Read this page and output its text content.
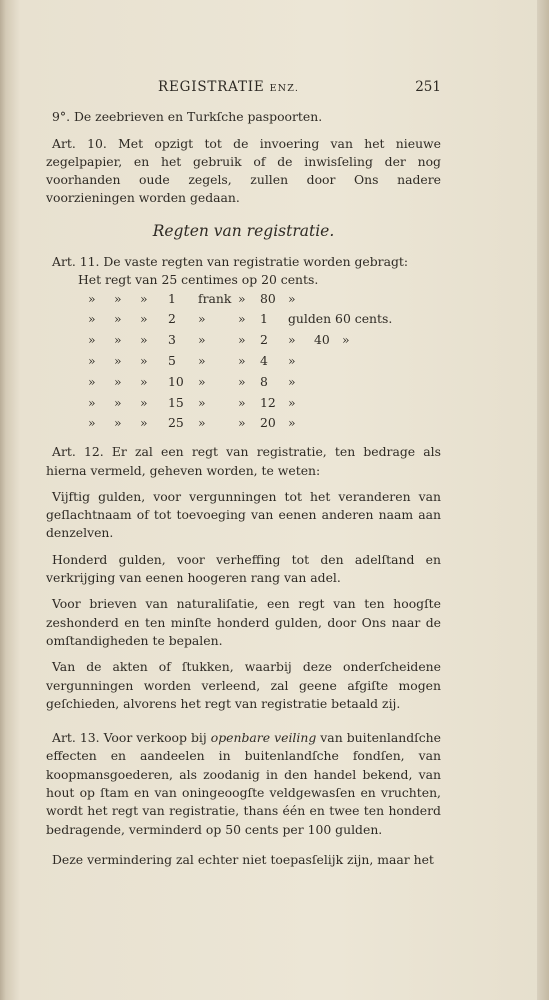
REGISTRATIE ENZ.	251

9°. De zeebrieven en Turkſche paspoorten.

Art. 10. Met opzigt tot de invoering van het nieuwe zegelpapier, en het gebruik of de inwisſeling der nog voorhanden oude zegels, zullen door Ons nadere voorzieningen worden gedaan.

Regten van registratie.

Art. 11. De vaste regten van registratie worden gebragt:

Het regt van 25 centimes op 20 cents.
» » » 1 frank » 80 »
» » » 2 »	» 1 gulden 60 cents.
» » » 3 »	» 2 » 40 »
» » » 5 »	» 4 »
» » » 10 »	» 8 »
» » » 15 »	» 12 »
» » » 25 »	» 20 »

Art. 12. Er zal een regt van registratie, ten bedrage als hierna vermeld, geheven worden, te weten:

Vijftig gulden, voor vergunningen tot het veranderen van geſlachtnaam of tot toevoeging van eenen anderen naam aan denzelven.

Honderd gulden, voor verheffing tot den adelſtand en verkrijging van eenen hoogeren rang van adel.

Voor brieven van naturaliſatie, een regt van ten hoogſte zeshonderd en ten minſte honderd gulden, door Ons naar de omſtandigheden te bepalen.

Van de akten of ſtukken, waarbij deze onderſcheidene vergunningen worden verleend, zal geene afgiſte mogen geſchieden, alvorens het regt van registratie betaald zij.

Art. 13. Voor verkoop bij openbare veiling van buitenlandſche effecten en aandeelen in buitenlandſche fondſen, van koopmansgoederen, als zoodanig in den handel bekend, van hout op ſtam en van oningeoogſte veldgewasſen en vruchten, wordt het regt van registratie, thans één en twee ten honderd bedragende, verminderd op 50 cents per 100 gulden.

Deze vermindering zal echter niet toepasſelijk zijn, maar het
